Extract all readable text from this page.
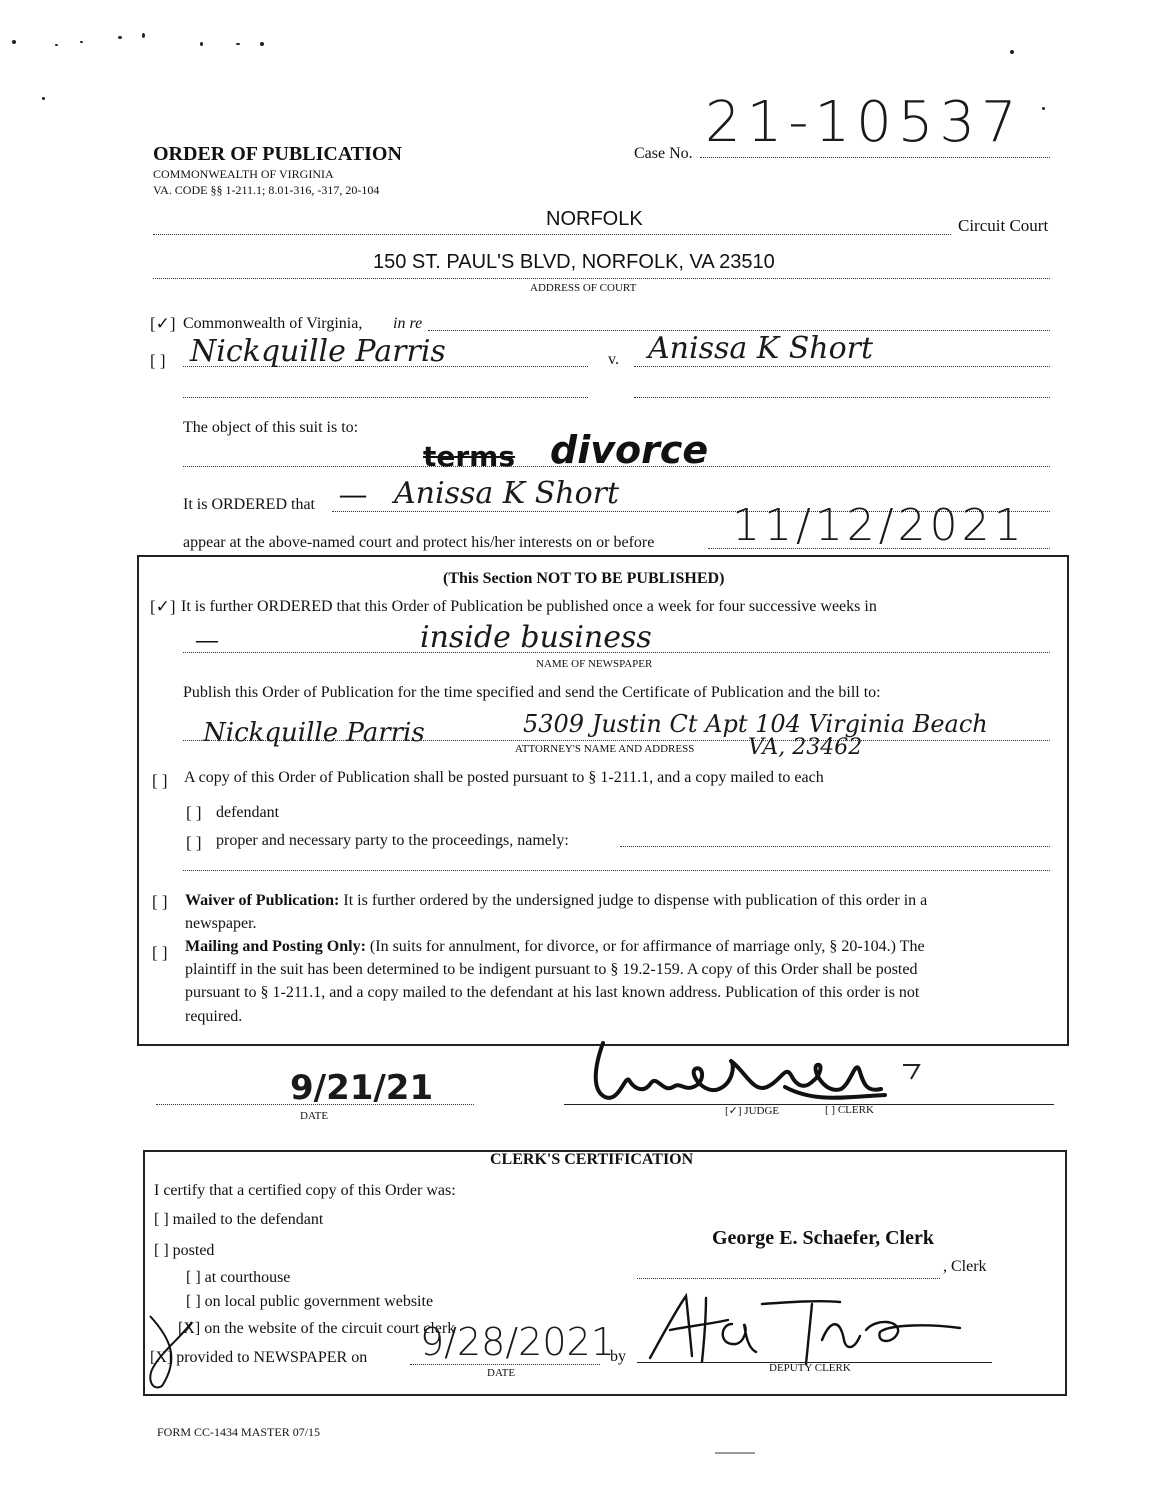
ORDER OF PUBLICATION
COMMONWEALTH OF VIRGINIA
VA. CODE §§ 1-211.1; 8.01-316, -317, 20-104
Case No. 21-10537
NORFOLK	Circuit Court
150 ST. PAUL'S BLVD, NORFOLK, VA 23510
ADDRESS OF COURT
[✓] Commonwealth of Virginia, in re
[ ] Nickquille Parris	v. Anissa K Short
The object of this suit is to:
terms divorce
It is ORDERED that — Anissa K Short
appear at the above-named court and protect his/her interests on or before 11/12/2021
(This Section NOT TO BE PUBLISHED)
[✓] It is further ORDERED that this Order of Publication be published once a week for four successive weeks in
—	inside business
NAME OF NEWSPAPER
Publish this Order of Publication for the time specified and send the Certificate of Publication and the bill to:
Nickquille Parris	5309 Justin Ct Apt 104 Virginia Beach
VA, 23462
ATTORNEY'S NAME AND ADDRESS
[ ] A copy of this Order of Publication shall be posted pursuant to § 1-211.1, and a copy mailed to each
[ ] defendant
[ ] proper and necessary party to the proceedings, namely:
[ ] Waiver of Publication: It is further ordered by the undersigned judge to dispense with publication of this order in a
newspaper.
[ ] Mailing and Posting Only: (In suits for annulment, for divorce, or for affirmance of marriage only, § 20-104.) The
plaintiff in the suit has been determined to be indigent pursuant to § 19.2-159. A copy of this Order shall be posted
pursuant to § 1-211.1, and a copy mailed to the defendant at his last known address. Publication of this order is not
required.
9/21/21
DATE	[✓] JUDGE	[ ] CLERK
CLERK'S CERTIFICATION
I certify that a certified copy of this Order was:
[ ] mailed to the defendant
[ ] posted
[ ] at courthouse
[ ] on local public government website
[X] on the website of the circuit court clerk
[X] provided to NEWSPAPER on 9/28/2021
DATE
by
George E. Schaefer, Clerk
, Clerk
DEPUTY CLERK
FORM CC-1434 MASTER 07/15
